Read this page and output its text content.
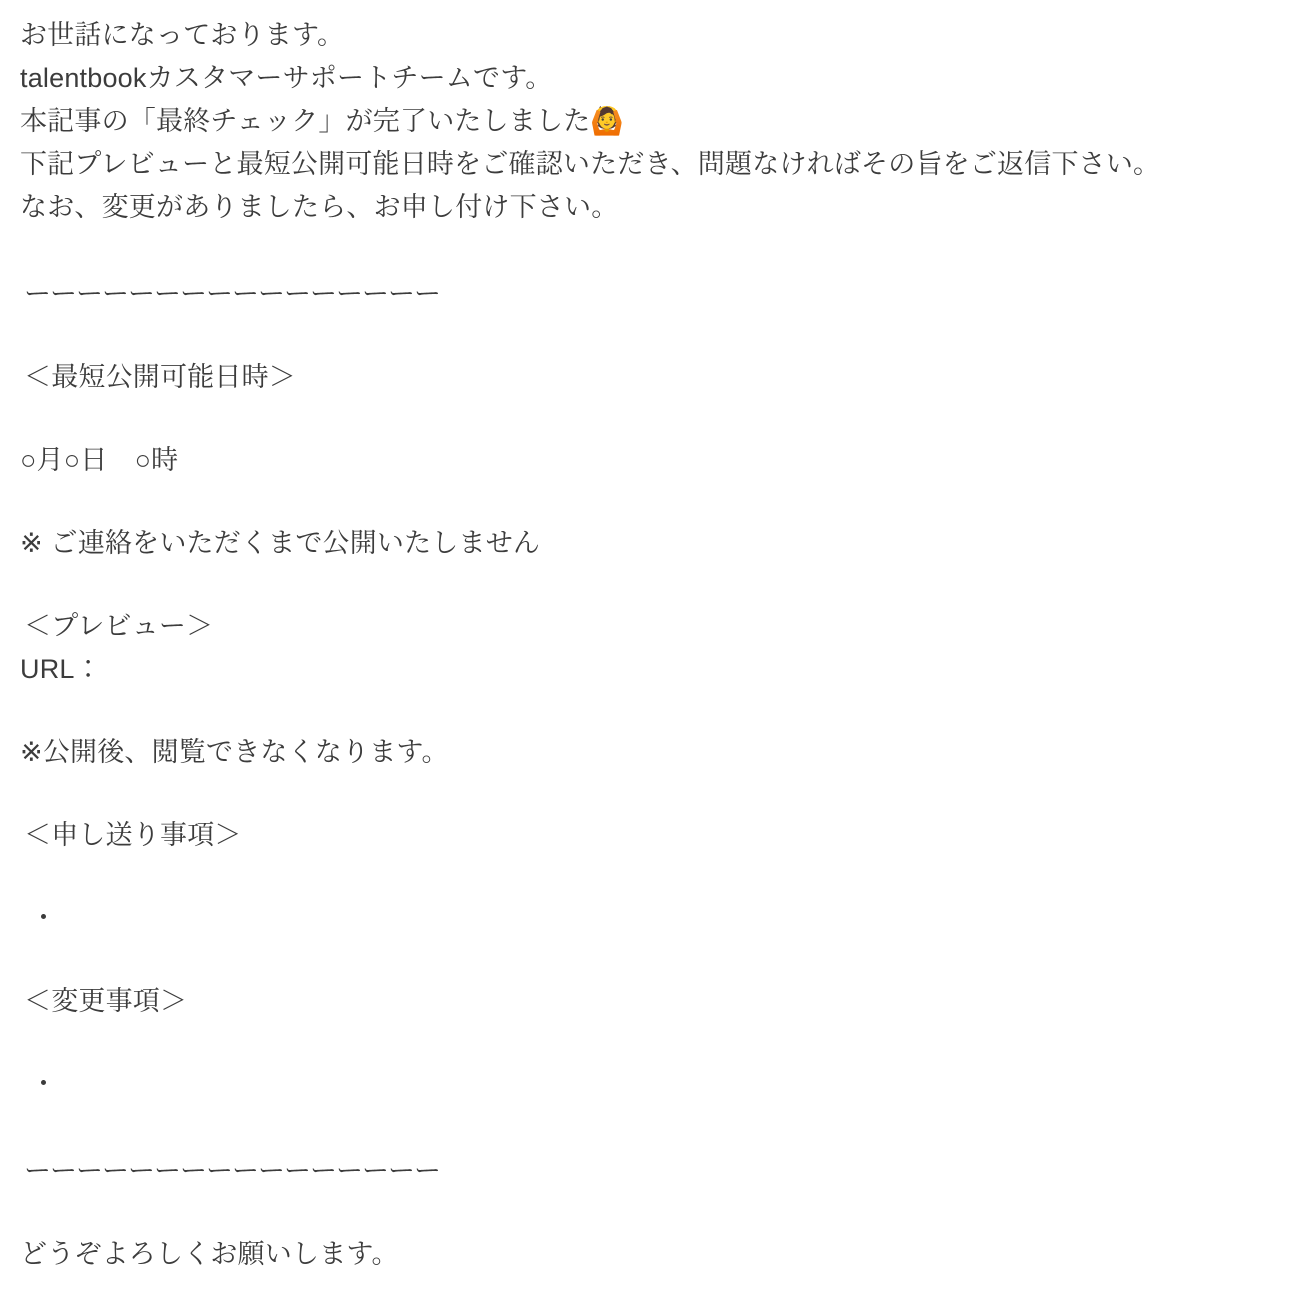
お世話になっております。

talentbookカスタマーサポートチームです。

本記事の「最終チェック」が完了いたしました🙆

下記プレビューと最短公開可能日時をご確認いただき、問題なければその旨をご返信下さい。

なお、変更がありましたら、お申し付け下さい。

ーーーーーーーーーーーーーーーー

＜最短公開可能日時＞

○月○日　○時

※ ご連絡をいただくまで公開いたしません

＜プレビュー＞

URL：

※公開後、閲覧できなくなります。

＜申し送り事項＞

・

＜変更事項＞

・

ーーーーーーーーーーーーーーーー

どうぞよろしくお願いします。
